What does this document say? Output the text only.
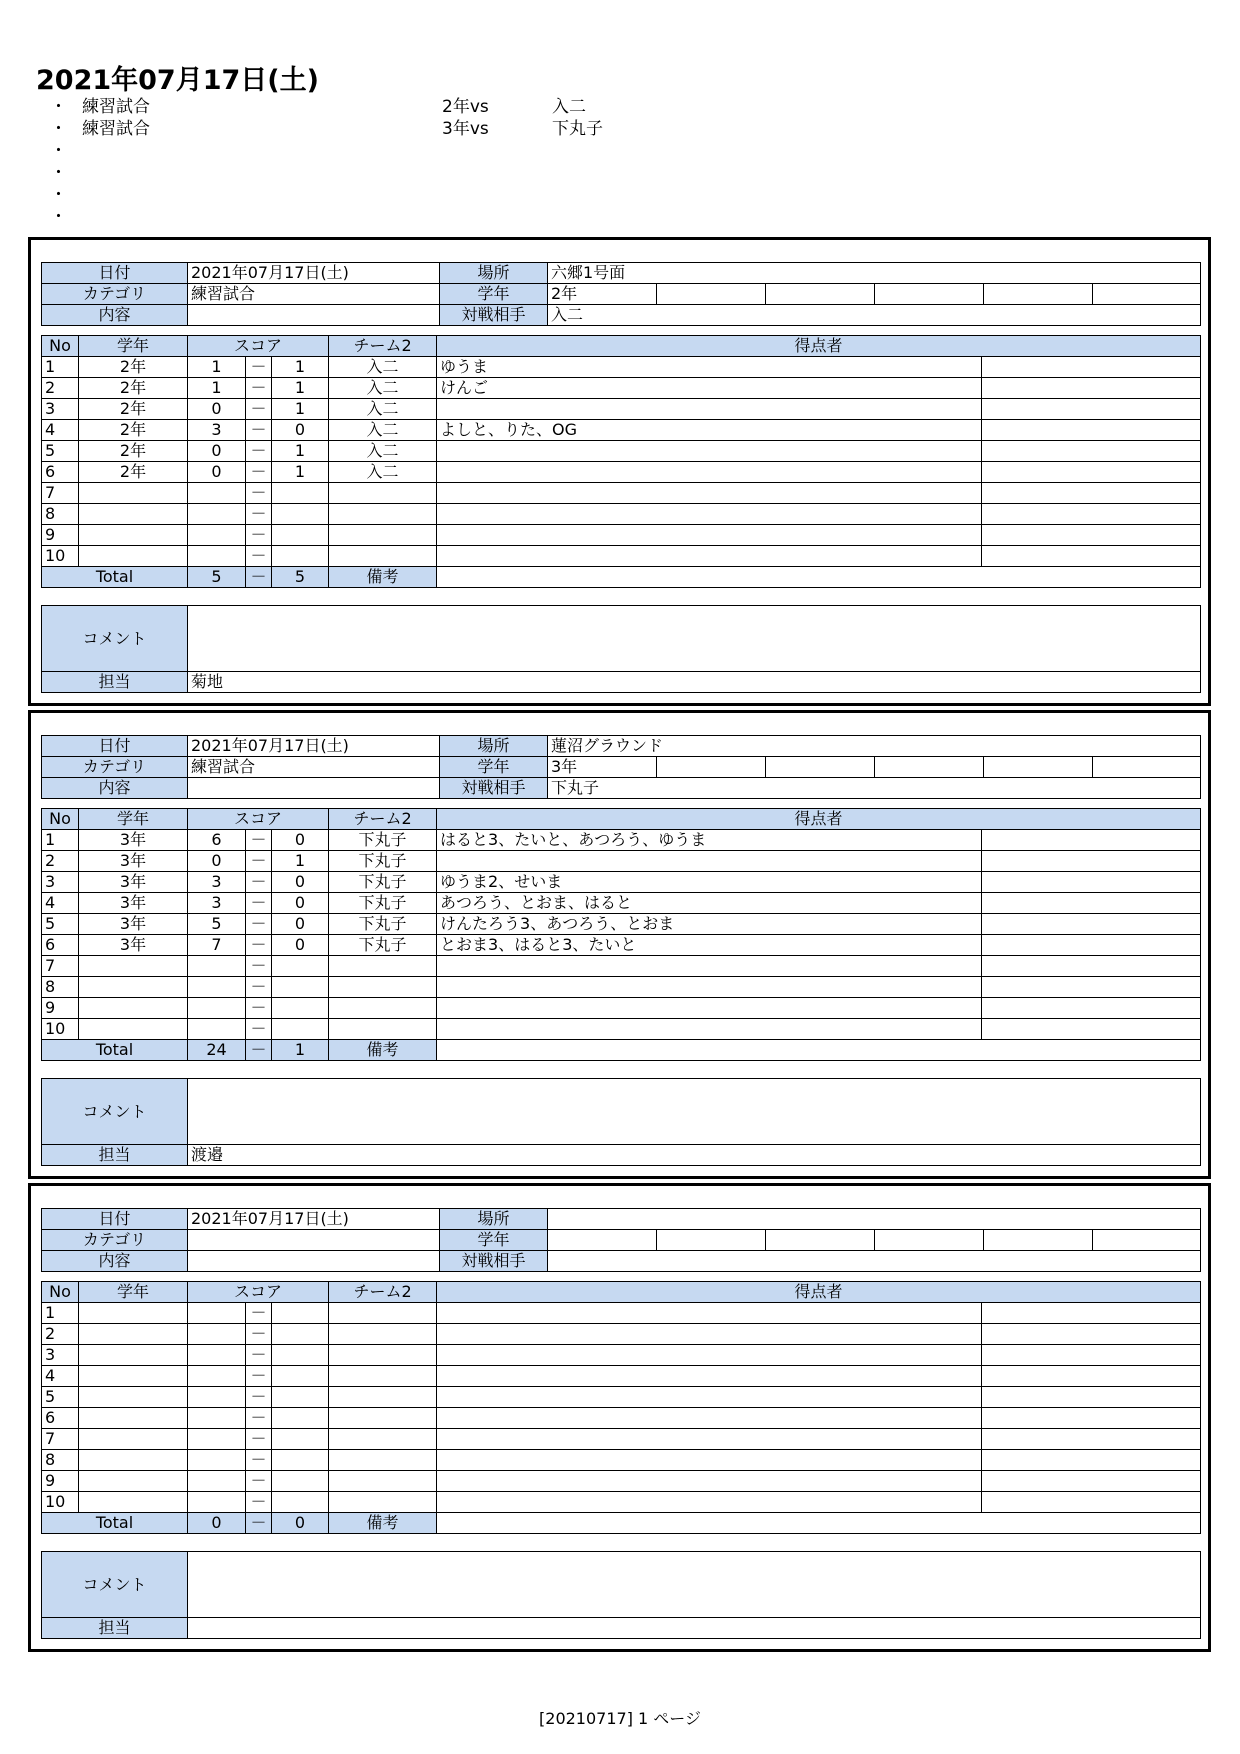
2021年07月17日(土)
・ 練習試合	2年vs	入二
・ 練習試合	3年vs	下丸子
・
・
・
・
日付	2021年07月17日(土)	場所	六郷1号面					
カテゴリ	練習試合	学年	2年					
内容		対戦相手	入二					
No	学年	スコア			チーム2	得点者	
1	2年	1	－	1	入二	ゆうま	
2	2年	1	－	1	入二	けんご	
3	2年	0	－	1	入二		
4	2年	3	－	0	入二	よしと、りた、OG	
5	2年	0	－	1	入二		
6	2年	0	－	1	入二		
7			－				
8			－				
9			－				
10			－				
Total		5	－	5	備考		
コメント	
担当	菊地
日付	2021年07月17日(土)	場所	蓮沼グラウンド					
カテゴリ	練習試合	学年	3年					
内容		対戦相手	下丸子					
No	学年	スコア			チーム2	得点者	
1	3年	6	－	0	下丸子	はると3、たいと、あつろう、ゆうま	
2	3年	0	－	1	下丸子		
3	3年	3	－	0	下丸子	ゆうま2、せいま	
4	3年	3	－	0	下丸子	あつろう、とおま、はると	
5	3年	5	－	0	下丸子	けんたろう3、あつろう、とおま	
6	3年	7	－	0	下丸子	とおま3、はると3、たいと	
7			－				
8			－				
9			－				
10			－				
Total		24	－	1	備考		
コメント	
担当	渡邉
日付	2021年07月17日(土)	場所						
カテゴリ		学年						
内容		対戦相手						
No	学年	スコア			チーム2	得点者	
1			－				
2			－				
3			－				
4			－				
5			－				
6			－				
7			－				
8			－				
9			－				
10			－				
Total		0	－	0	備考		
コメント	
担当	
[20210717] 1 ページ
